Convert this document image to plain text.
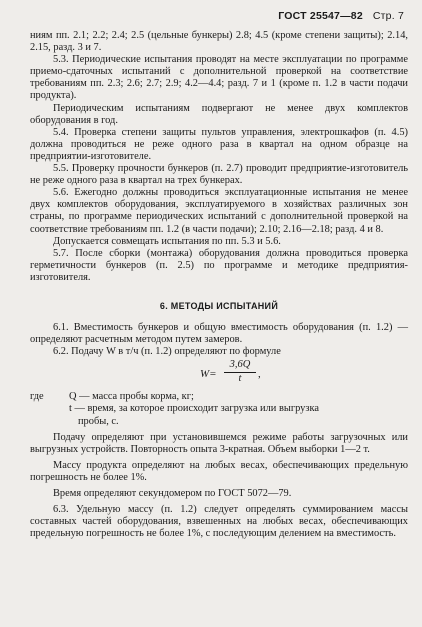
ГОСТ 25547—82 Стр. 7

ниям пп. 2.1; 2.2; 2.4; 2.5 (цельные бункеры) 2.8; 4.5 (кроме степени защиты); 2.14, 2.15, разд. 3 и 7.

5.3. Периодические испытания проводят на месте эксплуатации по программе приемо-сдаточных испытаний с дополнительной проверкой на соответствие требованиям пп. 2.3; 2.6; 2.7; 2.9; 4.2—4.4; разд. 7 и 1 (кроме п. 1.2 в части подачи продукта).

Периодическим испытаниям подвергают не менее двух комплектов оборудования в год.

5.4. Проверка степени защиты пультов управления, электрошкафов (п. 4.5) должна проводиться не реже одного раза в квартал на одном образце на предприятии-изготовителе.

5.5. Проверку прочности бункеров (п. 2.7) проводит предприятие-изготовитель не реже одного раза в квартал на трех бункерах.

5.6. Ежегодно должны проводиться эксплуатационные испытания не менее двух комплектов оборудования, эксплуатируемого в хозяйствах различных зон страны, по программе периодических испытаний с дополнительной проверкой на соответствие требованиям пп. 1.2 (в части подачи); 2.10; 2.16—2.18; разд. 4 и 8.

Допускается совмещать испытания по пп. 5.3 и 5.6.

5.7. После сборки (монтажа) оборудования должна проводиться проверка герметичности бункеров (п. 2.5) по программе и методике предприятия-изготовителя.

6. МЕТОДЫ ИСПЫТАНИЙ

6.1. Вместимость бункеров и общую вместимость оборудования (п. 1.2) — определяют расчетным методом путем замеров.

6.2. Подачу W в т/ч (п. 1.2) определяют по формуле

$W= \frac{3,6Q}{t}$ ,
где Q — масса пробы корма, кг;

t — время, за которое происходит загрузка или выгрузка

пробы, с.

Подачу определяют при установившемся режиме работы загрузочных или выгрузных устройств. Повторность опыта 3-кратная. Объем выборки 1—2 т.

Массу продукта определяют на любых весах, обеспечивающих предельную погрешность не более 1%.

Время определяют секундомером по ГОСТ 5072—79.

6.3. Удельную массу (п. 1.2) следует определять суммированием массы составных частей оборудования, взвешенных на любых весах, обеспечивающих предельную погрешность не более 1%, с последующим делением на вместимость.
